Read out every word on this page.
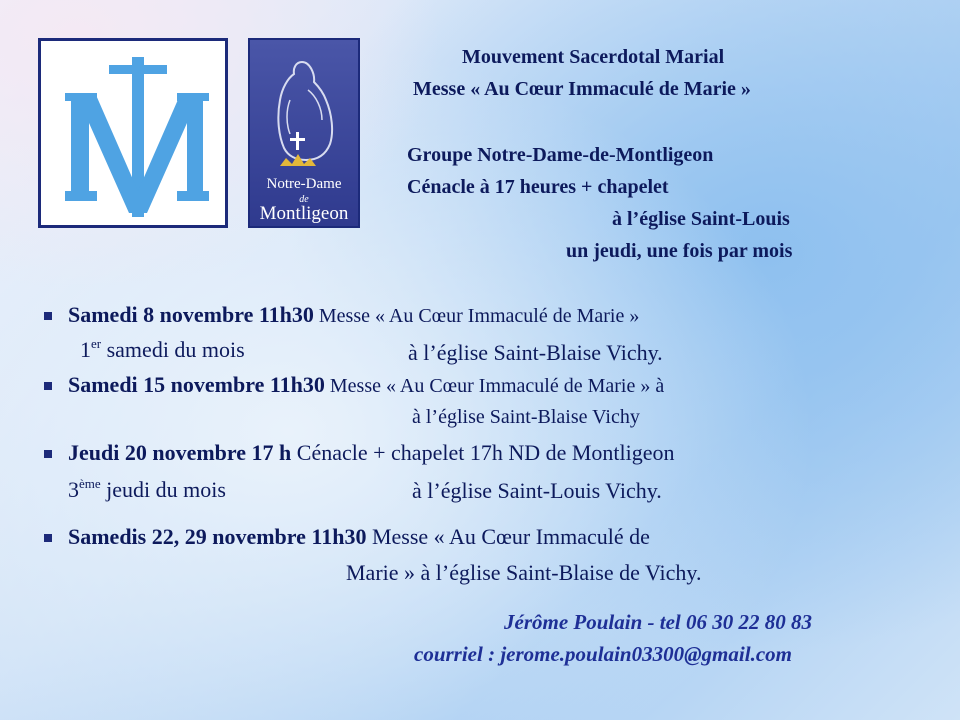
Notre-Dame
de
Montligeon
Mouvement Sacerdotal Marial
Messe « Au Cœur Immaculé de Marie »
Groupe Notre-Dame-de-Montligeon
Cénacle à 17 heures + chapelet
à l’église Saint-Louis
un jeudi, une fois par mois
Samedi 8 novembre 11h30 Messe « Au Cœur Immaculé de Marie »
1er samedi du mois	à l’église Saint-Blaise Vichy.
Samedi 15 novembre 11h30 Messe « Au Cœur Immaculé de Marie » à
à l’église Saint-Blaise Vichy
Jeudi 20 novembre 17 h Cénacle + chapelet 17h ND de Montligeon
3ème jeudi du mois	à l’église Saint-Louis Vichy.
Samedis 22, 29 novembre 11h30 Messe « Au Cœur Immaculé de
Marie » à l’église Saint-Blaise de Vichy.
Jérôme Poulain - tel 06 30 22 80 83
courriel : jerome.poulain03300@gmail.com
